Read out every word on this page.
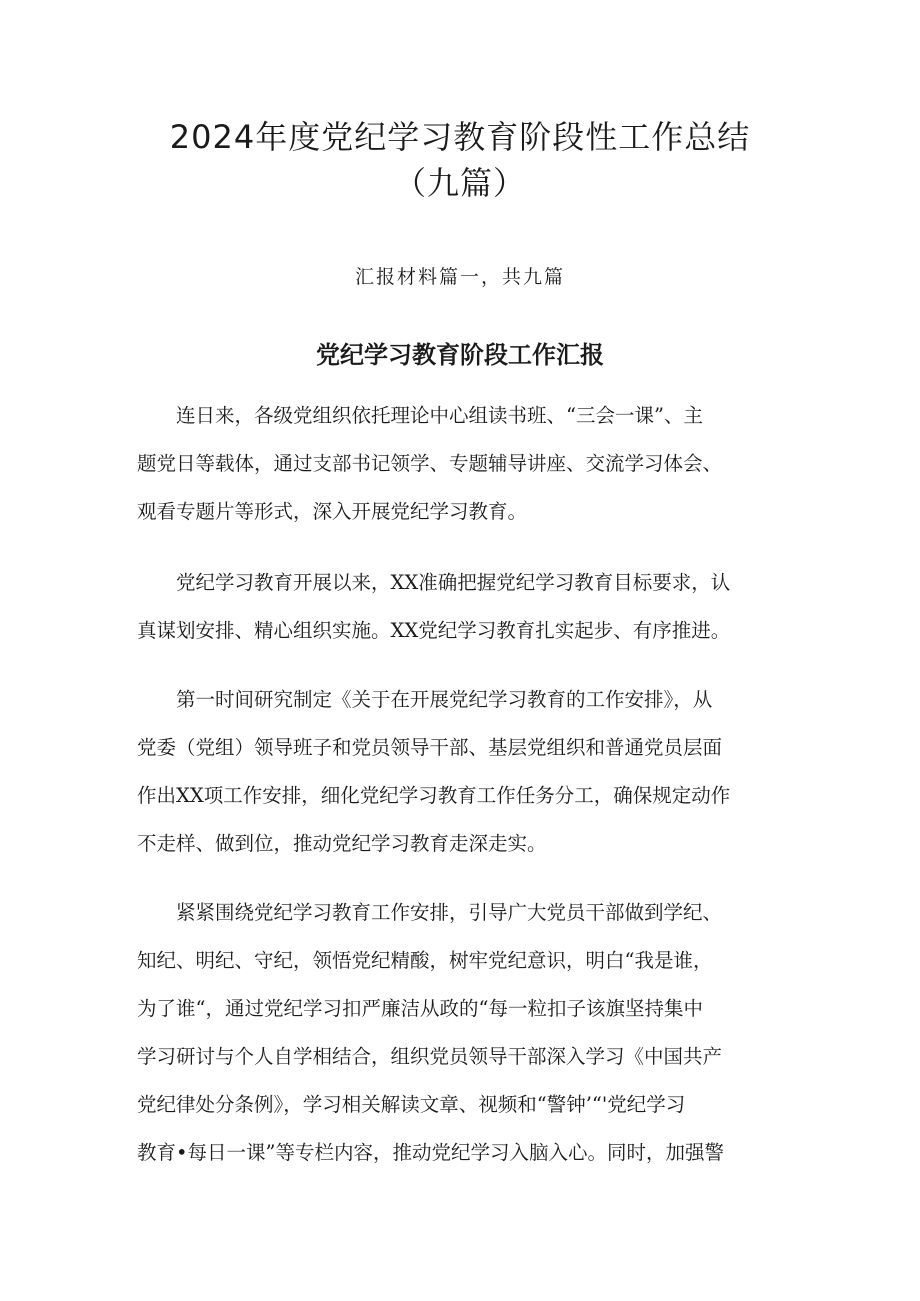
2024年度党纪学习教育阶段性工作总结
（九篇）
汇报材料篇一，共九篇
党纪学习教育阶段工作汇报
　　连日来，各级党组织依托理论中心组读书班、“三会一课”、主
题党日等载体，通过支部书记领学、专题辅导讲座、交流学习体会、
观看专题片等形式，深入开展党纪学习教育。
　　党纪学习教育开展以来，XX准确把握党纪学习教育目标要求，认
真谋划安排、精心组织实施。XX党纪学习教育扎实起步、有序推进。
　　第一时间研究制定《关于在开展党纪学习教育的工作安排》，从
党委（党组）领导班子和党员领导干部、基层党组织和普通党员层面
作出XX项工作安排，细化党纪学习教育工作任务分工，确保规定动作
不走样、做到位，推动党纪学习教育走深走实。
　　紧紧围绕党纪学习教育工作安排，引导广大党员干部做到学纪、
知纪、明纪、守纪，领悟党纪精酸，树牢党纪意识，明白“我是谁，
为了谁“，通过党纪学习扣严廉洁从政的“每一粒扣子该旗坚持集中
学习研讨与个人自学相结合，组织党员领导干部深入学习《中国共产
党纪律处分条例》，学习相关解读文章、视频和“警钟’“'党纪学习
教育•每日一课”等专栏内容，推动党纪学习入脑入心。同时，加强警
